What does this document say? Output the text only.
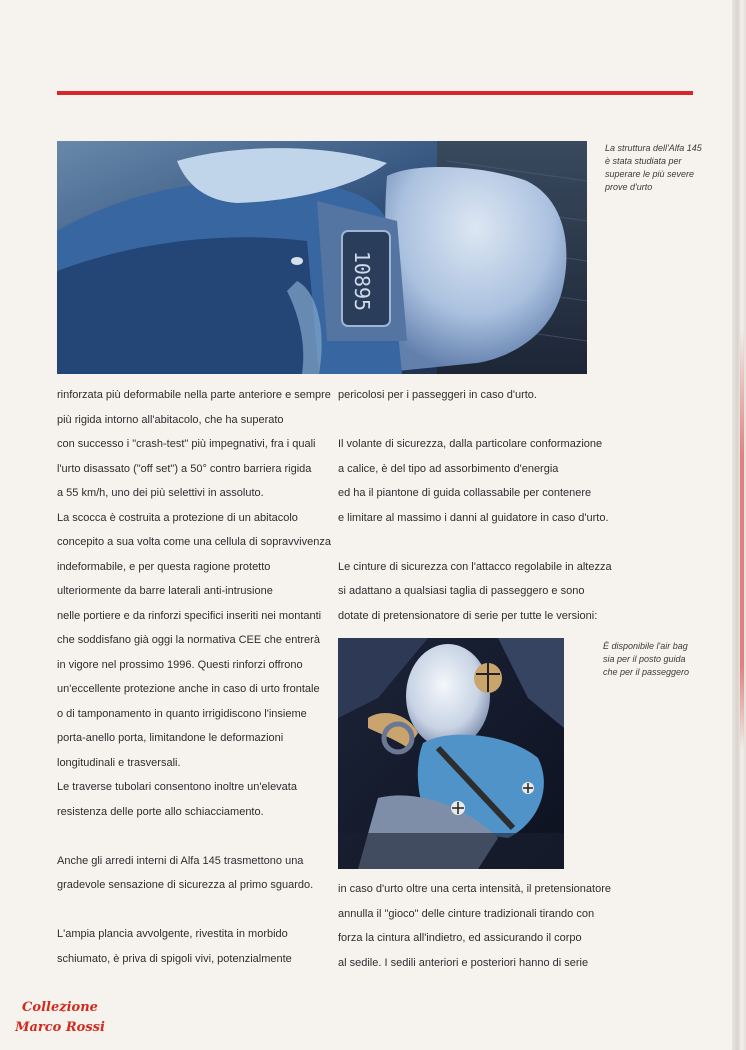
10895
La struttura dell'Alfa 145
è stata studiata per
superare le più severe
prove d'urto

rinforzata più deformabile nella parte anteriore e sempre

più rigida intorno all'abitacolo, che ha superato

con successo i "crash-test" più impegnativi, fra i quali

l'urto disassato ("off set") a 50° contro barriera rigida

a 55 km/h, uno dei più selettivi in assoluto.

La scocca è costruita a protezione di un abitacolo

concepito a sua volta come una cellula di sopravvivenza

indeformabile, e per questa ragione protetto

ulteriormente da barre laterali anti-intrusione

nelle portiere e da rinforzi specifici inseriti nei montanti

che soddisfano già oggi la normativa CEE che entrerà

in vigore nel prossimo 1996. Questi rinforzi offrono

un'eccellente protezione anche in caso di urto frontale

o di tamponamento in quanto irrigidiscono l'insieme

porta-anello porta, limitandone le deformazioni

longitudinali e trasversali.

Le traverse tubolari consentono inoltre un'elevata

resistenza delle porte allo schiacciamento.

Anche gli arredi interni di Alfa 145 trasmettono una

gradevole sensazione di sicurezza al primo sguardo.

L'ampia plancia avvolgente, rivestita in morbido

schiumato, è priva di spigoli vivi, potenzialmente

pericolosi per i passeggeri in caso d'urto.

Il volante di sicurezza, dalla particolare conformazione

a calice, è del tipo ad assorbimento d'energia

ed ha il piantone di guida collassabile per contenere

e limitare al massimo i danni al guidatore in caso d'urto.

Le cinture di sicurezza con l'attacco regolabile in altezza

si adattano a qualsiasi taglia di passeggero e sono

dotate di pretensionatore di serie per tutte le versioni:

È disponibile l'air bag
sia per il posto guida
che per il passeggero

in caso d'urto oltre una certa intensità, il pretensionatore

annulla il "gioco" delle cinture tradizionali tirando con

forza la cintura all'indietro, ed assicurando il corpo

al sedile. I sedili anteriori e posteriori hanno di serie

Collezione
Marco Rossi
